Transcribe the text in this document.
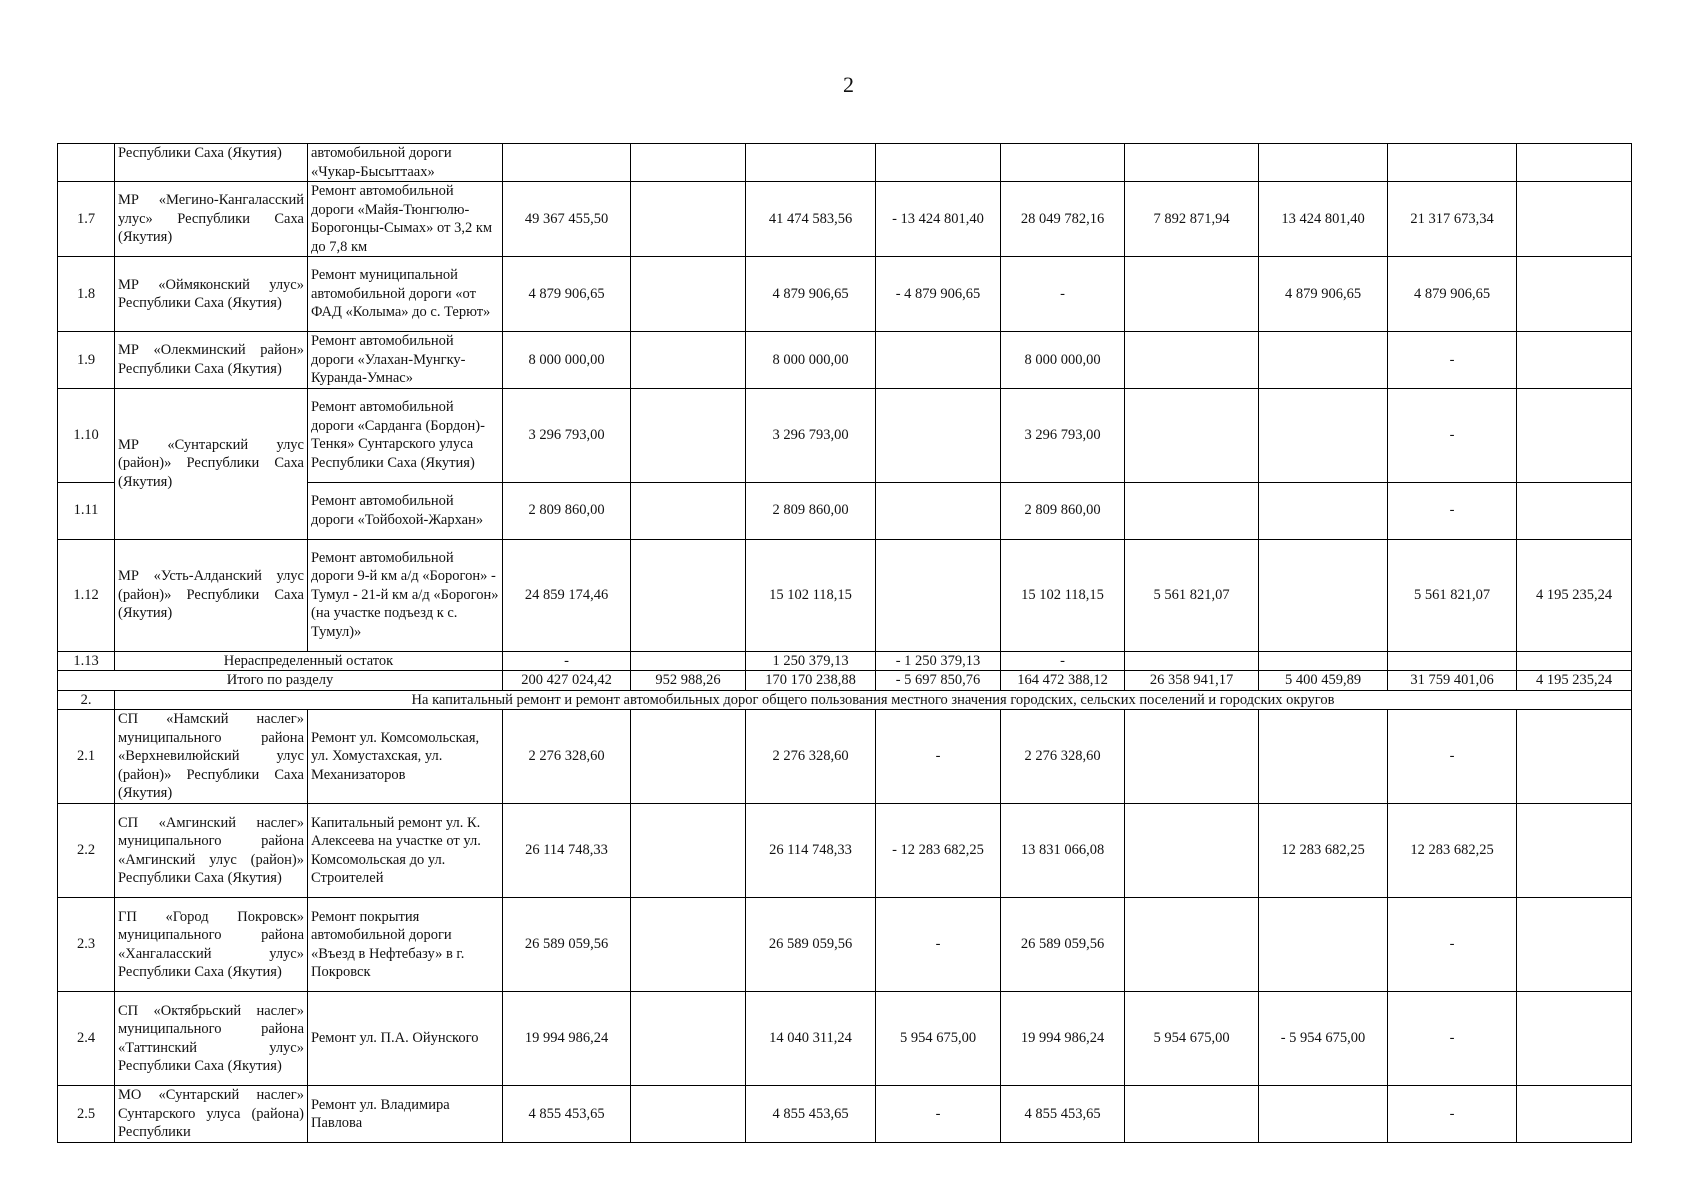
2
	Республики Саха (Якутия)	автомобильной дороги «Чукар-Бысыттаах»									
1.7	МР «Мегино-Кангаласский улус» Республики Саха (Якутия)	Ремонт автомобильной дороги «Майя-Тюнгюлю-Борогонцы-Сымах» от 3,2 км до 7,8 км	49 367 455,50		41 474 583,56	- 13 424 801,40	28 049 782,16	7 892 871,94	13 424 801,40	21 317 673,34	
1.8	МР «Оймяконский улус» Республики Саха (Якутия)	Ремонт муниципальной автомобильной дороги «от ФАД «Колыма» до с. Терют»	4 879 906,65		4 879 906,65	- 4 879 906,65	-		4 879 906,65	4 879 906,65	
1.9	МР «Олекминский район» Республики Саха (Якутия)	Ремонт автомобильной дороги «Улахан-Мунгку-Куранда-Умнас»	8 000 000,00		8 000 000,00		8 000 000,00			-	
1.10	МР «Сунтарский улус (район)» Республики Саха (Якутия)	Ремонт автомобильной дороги «Сарданга (Бордон)-Тенкя» Сунтарского улуса Республики Саха (Якутия)	3 296 793,00		3 296 793,00		3 296 793,00			-	
1.11		Ремонт автомобильной дороги «Тойбохой-Жархан»	2 809 860,00		2 809 860,00		2 809 860,00			-	
1.12	МР «Усть-Алданский улус (район)» Республики Саха (Якутия)	Ремонт автомобильной дороги 9-й км а/д «Борогон» - Тумул - 21-й км а/д «Борогон» (на участке подъезд к с. Тумул)»	24 859 174,46		15 102 118,15		15 102 118,15	5 561 821,07		5 561 821,07	4 195 235,24
1.13	Нераспределенный остаток		-		1 250 379,13	- 1 250 379,13	-				
Итого по разделу			200 427 024,42	952 988,26	170 170 238,88	- 5 697 850,76	164 472 388,12	26 358 941,17	5 400 459,89	31 759 401,06	4 195 235,24
2.	На капитальный ремонт и ремонт автомобильных дорог общего пользования местного значения городских, сельских поселений и городских округов										
2.1	СП «Намский наслег» муниципального района «Верхневилюйский улус (район)» Республики Саха (Якутия)	Ремонт ул. Комсомольская, ул. Хомустахская, ул. Механизаторов	2 276 328,60		2 276 328,60	-	2 276 328,60			-	
2.2	СП «Амгинский наслег» муниципального района «Амгинский улус (район)» Республики Саха (Якутия)	Капитальный ремонт ул. К. Алексеева на участке от ул. Комсомольская до ул. Строителей	26 114 748,33		26 114 748,33	- 12 283 682,25	13 831 066,08		12 283 682,25	12 283 682,25	
2.3	ГП «Город Покровск» муниципального района «Хангаласский улус» Республики Саха (Якутия)	Ремонт покрытия автомобильной дороги «Въезд в Нефтебазу» в г. Покровск	26 589 059,56		26 589 059,56	-	26 589 059,56			-	
2.4	СП «Октябрьский наслег» муниципального района «Таттинский улус» Республики Саха (Якутия)	Ремонт ул. П.А. Ойунского	19 994 986,24		14 040 311,24	5 954 675,00	19 994 986,24	5 954 675,00	- 5 954 675,00	-	
2.5	МО «Сунтарский наслег» Сунтарского улуса (района) Республики	Ремонт ул. Владимира Павлова	4 855 453,65		4 855 453,65	-	4 855 453,65			-	
